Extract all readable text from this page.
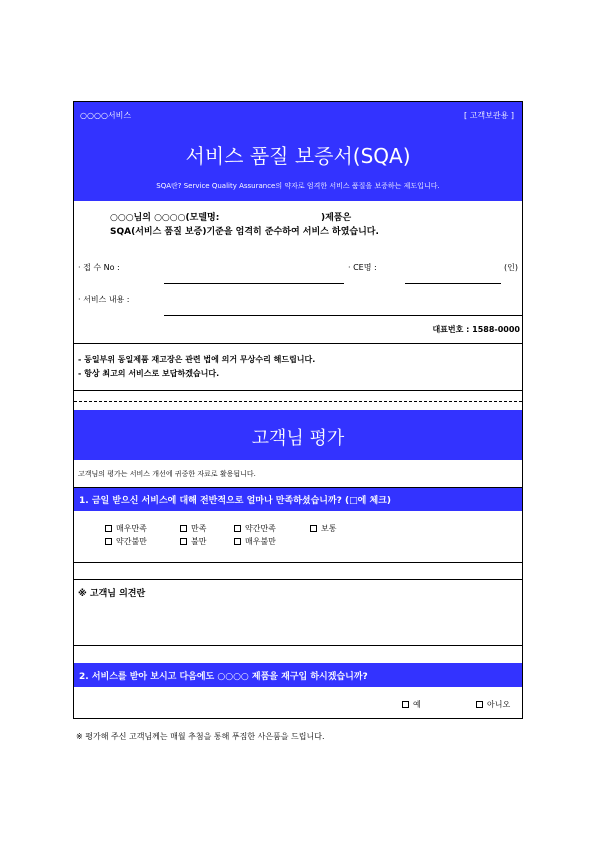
○○○○서비스	[ 고객보관용 ]
서비스 품질 보증서(SQA)
SQA란? Service Quality Assurance의 약자로 엄격한 서비스 품질을 보증하는 제도입니다.
○○○님의 ○○○○(모델명:	)제품은
SQA(서비스 품질 보증)기준을 엄격히 준수하여 서비스 하였습니다.
· 접 수 No :	· CE명 :	(인)
· 서비스 내용 :
대표번호 : 1588-0000
- 동일부위 동일제품 재고장은 관련 법에 의거 무상수리 해드립니다.
- 항상 최고의 서비스로 보답하겠습니다.
고객님 평가
고객님의 평가는 서비스 개선에 귀중한 자료로 활용됩니다.
1. 금일 받으신 서비스에 대해 전반적으로 얼마나 만족하셨습니까? (□에 체크)
매우만족	만족	약간만족	보통
약간불만	불만	매우불만
※ 고객님 의견란
2. 서비스를 받아 보시고 다음에도 ○○○○ 제품을 재구입 하시겠습니까?
예	아니오
※ 평가해 주신 고객님께는 매월 추첨을 통해 푸짐한 사은품을 드립니다.
